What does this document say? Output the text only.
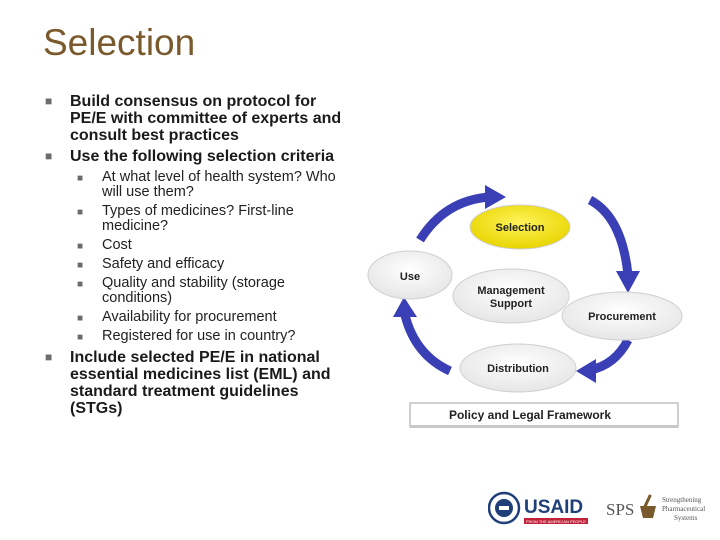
Selection
■ Build consensus on protocol for PE/E with committee of experts and consult best practices
■ Use the following selection criteria
■ At what level of health system? Who will use them?
■ Types of medicines? First-line medicine?
■ Cost
■ Safety and efficacy
■ Quality and stability (storage conditions)
■ Availability for procurement
■ Registered for use in country?
■ Include selected PE/E in national essential medicines list (EML) and standard treatment guidelines (STGs)
Selection
Use
Management
Support
Procurement
Distribution
Policy and Legal Framework
USAID
FROM THE AMERICAN PEOPLE
SPS	Strengthening
Pharmaceutical
Systems
